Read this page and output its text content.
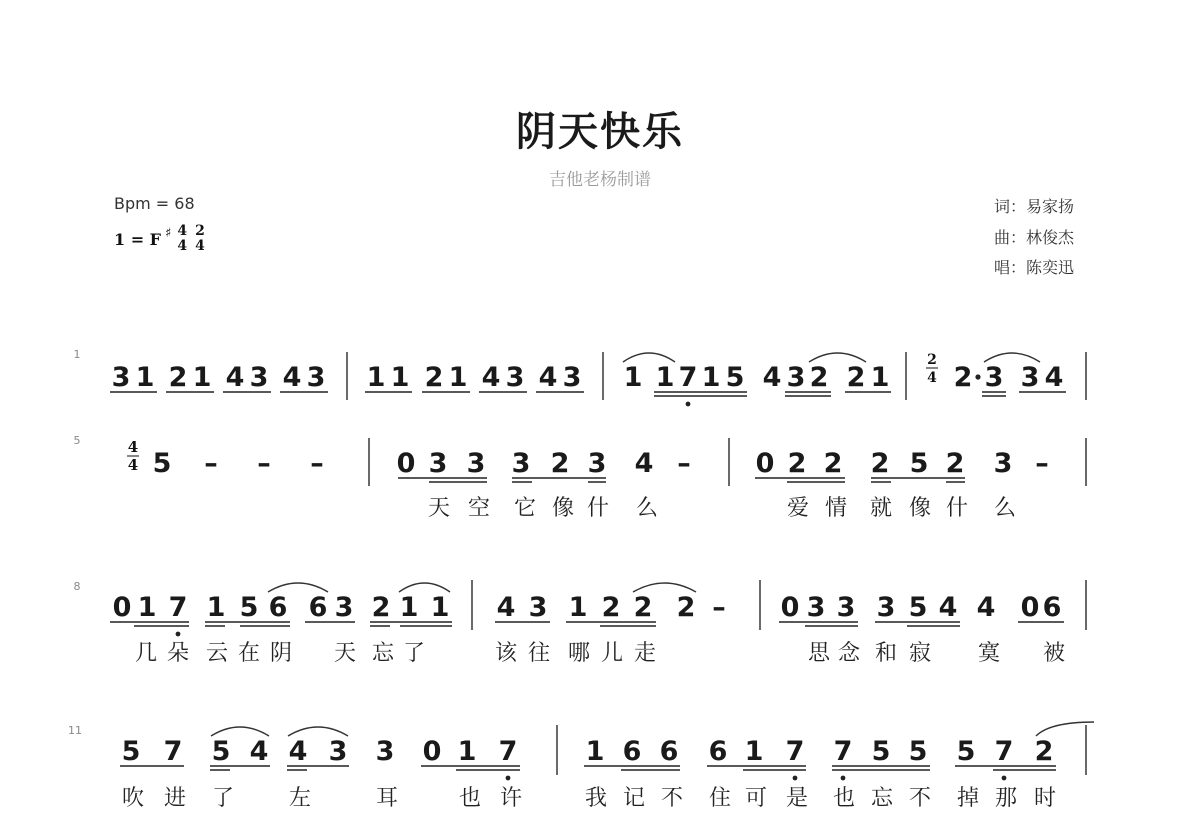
阴天快乐
吉他老杨制谱
Bpm = 68
1 = F ♯ 4
4
2
4
词：易家扬
曲：林俊杰
唱：陈奕迅
1
3 1 2 1 4 3 4 3 1 1 2 1 4 3 4 3 1 1 7 1 5 4 3 2 2 1 2 3 3 4
2
4
5
5 – – –	0 3 3 3 2 3 4 – 0 2 2 2 5 2 3 –
4
4
天 空 它 像 什 么	爱 情 就 像 什 么
8
0 1 7 1 5 6 6 3 2 1 1 4 3 1 2 2 2 – 0 3 3 3 5 4 4 0 6
几 朵 云 在 阴 天 忘 了	该 往 哪 儿 走	思 念 和 寂 寞 被
11
5 7 5 4 4 3 3 0 1 7	1 6 6 6 1 7 7 5 5 5 7 2
吹 进 了 左	耳	也 许	我 记 不 住 可 是 也 忘 不 掉 那 时
